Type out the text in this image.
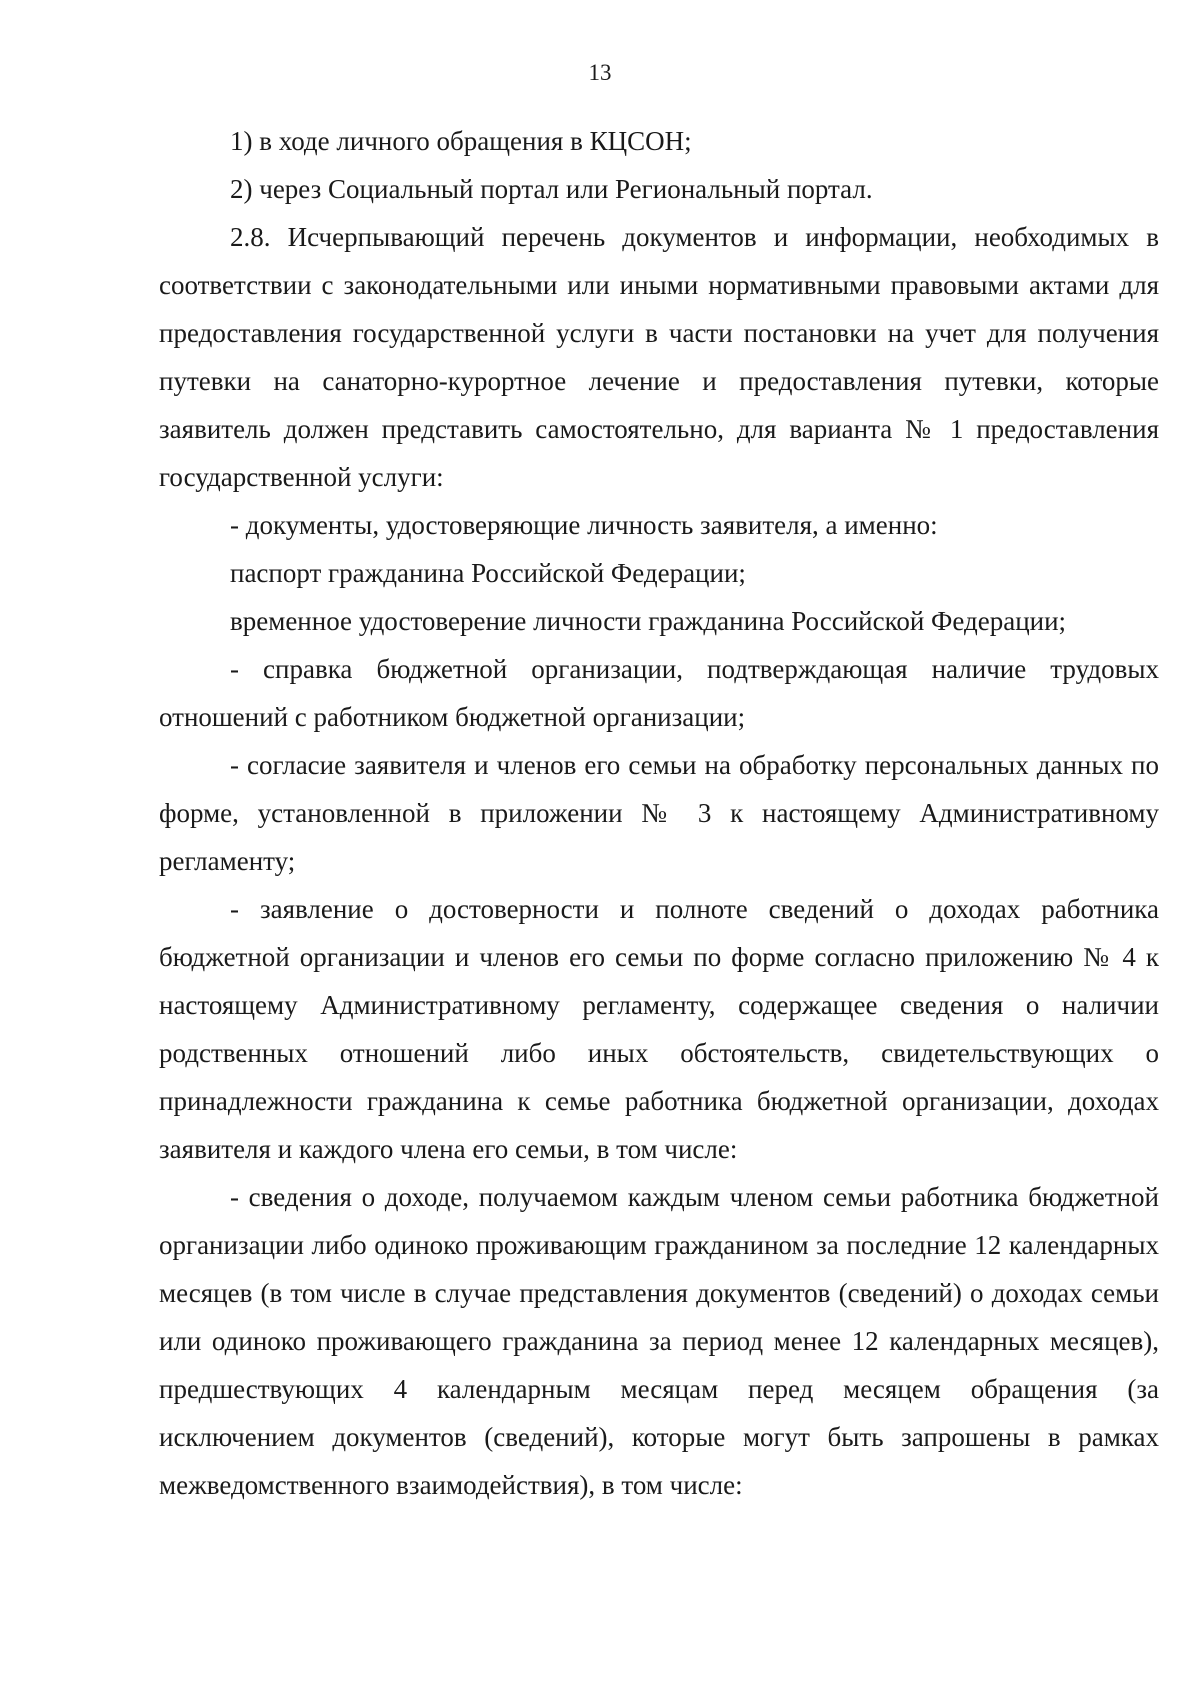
13

1) в ходе личного обращения в КЦСОН;

2) через Социальный портал или Региональный портал.

2.8. Исчерпывающий перечень документов и информации, необходимых в соответствии с законодательными или иными нормативными правовыми актами для предоставления государственной услуги в части постановки на учет для получения путевки на санаторно-курортное лечение и предоставления путевки, которые заявитель должен представить самостоятельно, для варианта № 1 предоставления государственной услуги:

- документы, удостоверяющие личность заявителя, а именно:

паспорт гражданина Российской Федерации;

временное удостоверение личности гражданина Российской Федерации;

- справка бюджетной организации, подтверждающая наличие трудовых отношений с работником бюджетной организации;

- согласие заявителя и членов его семьи на обработку персональных данных по форме, установленной в приложении № 3 к настоящему Административному регламенту;

- заявление о достоверности и полноте сведений о доходах работника бюджетной организации и членов его семьи по форме согласно приложению № 4 к настоящему Административному регламенту, содержащее сведения о наличии родственных отношений либо иных обстоятельств, свидетельствующих о принадлежности гражданина к семье работника бюджетной организации, доходах заявителя и каждого члена его семьи, в том числе:

- сведения о доходе, получаемом каждым членом семьи работника бюджетной организации либо одиноко проживающим гражданином за последние 12 календарных месяцев (в том числе в случае представления документов (сведений) о доходах семьи или одиноко проживающего гражданина за период менее 12 календарных месяцев), предшествующих 4 календарным месяцам перед месяцем обращения (за исключением документов (сведений), которые могут быть запрошены в рамках межведомственного взаимодействия), в том числе:
